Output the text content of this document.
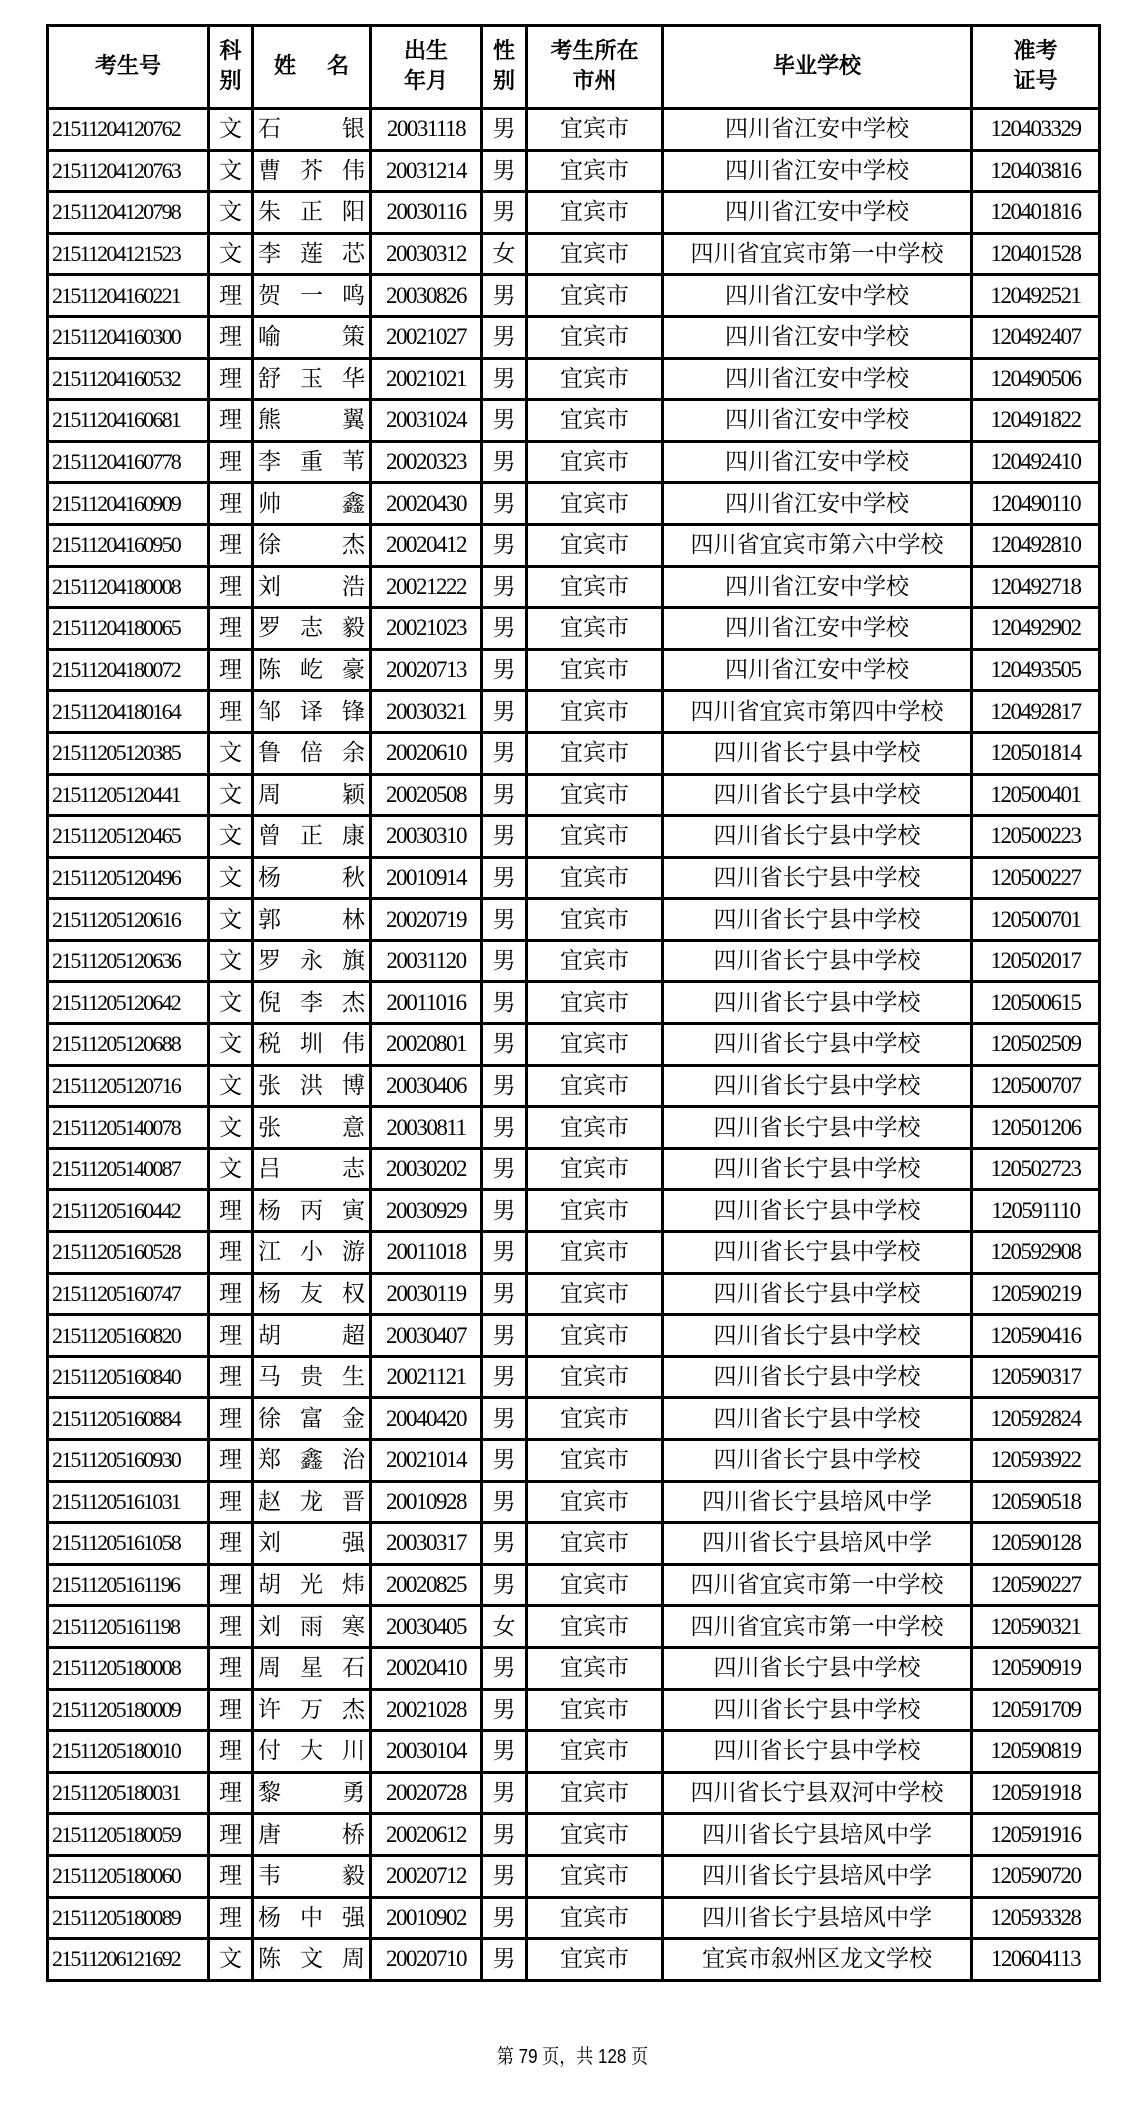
考生号	科别	姓 名	出生年月	性别	考生所在市州	毕业学校	准考证号
21511204120762	文	石银	20031118	男	宜宾市	四川省江安中学校	120403329
21511204120763	文	曹芥伟	20031214	男	宜宾市	四川省江安中学校	120403816
21511204120798	文	朱正阳	20030116	男	宜宾市	四川省江安中学校	120401816
21511204121523	文	李莲芯	20030312	女	宜宾市	四川省宜宾市第一中学校	120401528
21511204160221	理	贺一鸣	20030826	男	宜宾市	四川省江安中学校	120492521
21511204160300	理	喻策	20021027	男	宜宾市	四川省江安中学校	120492407
21511204160532	理	舒玉华	20021021	男	宜宾市	四川省江安中学校	120490506
21511204160681	理	熊翼	20031024	男	宜宾市	四川省江安中学校	120491822
21511204160778	理	李重苇	20020323	男	宜宾市	四川省江安中学校	120492410
21511204160909	理	帅鑫	20020430	男	宜宾市	四川省江安中学校	120490110
21511204160950	理	徐杰	20020412	男	宜宾市	四川省宜宾市第六中学校	120492810
21511204180008	理	刘浩	20021222	男	宜宾市	四川省江安中学校	120492718
21511204180065	理	罗志毅	20021023	男	宜宾市	四川省江安中学校	120492902
21511204180072	理	陈屹豪	20020713	男	宜宾市	四川省江安中学校	120493505
21511204180164	理	邹译锋	20030321	男	宜宾市	四川省宜宾市第四中学校	120492817
21511205120385	文	鲁倍余	20020610	男	宜宾市	四川省长宁县中学校	120501814
21511205120441	文	周颖	20020508	男	宜宾市	四川省长宁县中学校	120500401
21511205120465	文	曾正康	20030310	男	宜宾市	四川省长宁县中学校	120500223
21511205120496	文	杨秋	20010914	男	宜宾市	四川省长宁县中学校	120500227
21511205120616	文	郭林	20020719	男	宜宾市	四川省长宁县中学校	120500701
21511205120636	文	罗永旗	20031120	男	宜宾市	四川省长宁县中学校	120502017
21511205120642	文	倪李杰	20011016	男	宜宾市	四川省长宁县中学校	120500615
21511205120688	文	税圳伟	20020801	男	宜宾市	四川省长宁县中学校	120502509
21511205120716	文	张洪博	20030406	男	宜宾市	四川省长宁县中学校	120500707
21511205140078	文	张意	20030811	男	宜宾市	四川省长宁县中学校	120501206
21511205140087	文	吕志	20030202	男	宜宾市	四川省长宁县中学校	120502723
21511205160442	理	杨丙寅	20030929	男	宜宾市	四川省长宁县中学校	120591110
21511205160528	理	江小游	20011018	男	宜宾市	四川省长宁县中学校	120592908
21511205160747	理	杨友权	20030119	男	宜宾市	四川省长宁县中学校	120590219
21511205160820	理	胡超	20030407	男	宜宾市	四川省长宁县中学校	120590416
21511205160840	理	马贵生	20021121	男	宜宾市	四川省长宁县中学校	120590317
21511205160884	理	徐富金	20040420	男	宜宾市	四川省长宁县中学校	120592824
21511205160930	理	郑鑫治	20021014	男	宜宾市	四川省长宁县中学校	120593922
21511205161031	理	赵龙晋	20010928	男	宜宾市	四川省长宁县培风中学	120590518
21511205161058	理	刘强	20030317	男	宜宾市	四川省长宁县培风中学	120590128
21511205161196	理	胡光炜	20020825	男	宜宾市	四川省宜宾市第一中学校	120590227
21511205161198	理	刘雨寒	20030405	女	宜宾市	四川省宜宾市第一中学校	120590321
21511205180008	理	周星石	20020410	男	宜宾市	四川省长宁县中学校	120590919
21511205180009	理	许万杰	20021028	男	宜宾市	四川省长宁县中学校	120591709
21511205180010	理	付大川	20030104	男	宜宾市	四川省长宁县中学校	120590819
21511205180031	理	黎勇	20020728	男	宜宾市	四川省长宁县双河中学校	120591918
21511205180059	理	唐桥	20020612	男	宜宾市	四川省长宁县培风中学	120591916
21511205180060	理	韦毅	20020712	男	宜宾市	四川省长宁县培风中学	120590720
21511205180089	理	杨中强	20010902	男	宜宾市	四川省长宁县培风中学	120593328
21511206121692	文	陈文周	20020710	男	宜宾市	宜宾市叙州区龙文学校	120604113
第 79 页，共 128 页
